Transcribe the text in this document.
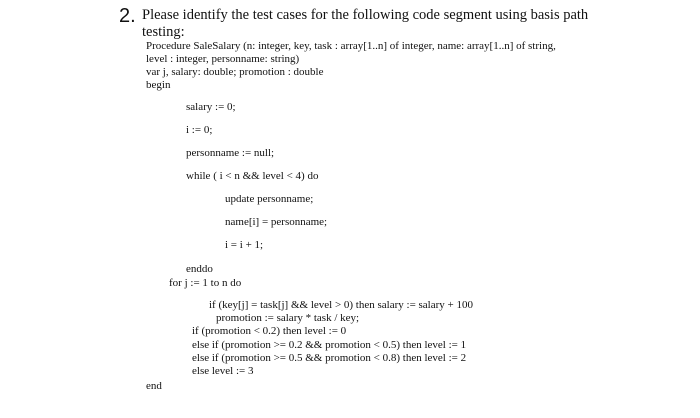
2. Please identify the test cases for the following code segment using basis path
testing:
Procedure SaleSalary (n: integer, key, task : array[1..n] of integer, name: array[1..n] of string,
level : integer, personname: string)
var j, salary: double; promotion : double
begin
salary := 0;
i := 0;
personname := null;
while ( i < n && level < 4) do
update personname;
name[i] = personname;
i = i + 1;
enddo
for j := 1 to n do
if (key[j] = task[j] && level > 0) then salary := salary + 100
promotion := salary * task / key;
if (promotion < 0.2) then level := 0
else if (promotion >= 0.2 && promotion < 0.5) then level := 1
else if (promotion >= 0.5 && promotion < 0.8) then level := 2
else level := 3
end
